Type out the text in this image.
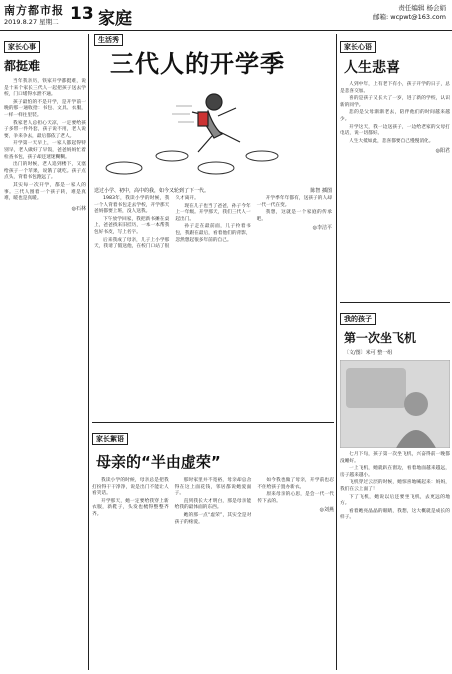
南方都市报
2019.8.27 星期二 13 家庭
责任编辑 杨会娟
邮箱: wcpwt@163.com
家长心事
都挺难

当年我亲历，铁家开学都挺难，说是十来个家长三代人一起把孩子送去学校，门口堵得水泄不通。

孩子最怕的不是开学，是开学前一晚的那一通收拾：书包、文具、衣服，一样一样往里装。

我家老人总担心天凉，一定要给孩子多带一件外套，孩子说不用，老人说要，争来争去，最后都依了老人。

开学第一天早上，一家人都起得特别早，老人做好了早饭，爸爸妈妈忙着检查书包，孩子却还迷迷糊糊。

出门的时候，老人追到楼下，又塞给孩子一个苹果，说饿了就吃。孩子点点头，背着书包跑远了。

其实每一次开学，都是一家人的事。三代人围着一个孩子转，难是真难，暖也是真暖。

◎石林
生活秀
三代人的开学季
送过小学、初中，高中的我，如今又轮到了下一代。	陈智 插图

1983年，我读小学的时候，我一个人背着书包走去学校，开学那天爸妈都要上班，没人送我。

下午放学回家，我把新书摊在桌上，爸爸找来旧挂历，一本一本帮我包好书皮，写上名字。

后来我成了母亲，儿子上小学那天，我请了假送他，在校门口站了很久才离开。

现在儿子也当了爸爸，孙子今年上一年级。开学那天，我们三代人一起出门。

孙子走在最前面，儿子拎着书包，我跟在最后，看着他们的背影，忽然想起很多年前的自己。

开学季年年都有，送孩子的人却一代一代在变。

我想，这就是一个家庭的传承吧。

◎李洁平
家长絮语
母亲的“半由虚荣”

我读小学的时候，母亲总是把我打扮得干干净净，说是出门不能让人看笑话。

开学那天，她一定要给我穿上新衣服，新鞋子，头发也梳得整整齐齐。

那时家里并不宽裕，母亲却总舍得在这上面花钱，邻居都说她爱面子。

直到我长大才明白，那是母亲能给我的最体面的东西。

她的那一点“虚荣”，其实全是对孩子的疼爱。

如今我也做了母亲，开学前也忍不住给孩子置办新衣。

原来母亲的心思，是会一代一代传下去的。

◎刘燕
家长心语
人生悲喜

人到中年，上有老下有小，孩子开学的日子，总是悲喜交加。

喜的是孩子又长大了一岁，进了新的学校，认识新的同学。

悲的是父母渐渐老去，陪伴他们的时间越来越少。

开学这天，我一边送孩子，一边给老家的父母打电话，说一切都好。

人生大抵如此，悲喜都要自己慢慢消化。

◎阳君
我的孩子
第一次坐飞机
〔文/图〕米可 整一组

七月下旬，孩子第一次坐飞机，兴奋得前一晚都没睡好。

一上飞机，她就趴在窗边，看着地面越来越远，房子越来越小。

飞机穿过云层的时候，她惊喜地喊起来：妈妈，我们在云上面了！

下了飞机，她说以后还要坐飞机，去更远的地方。

看着她亮晶晶的眼睛，我想，这大概就是成长的样子。
